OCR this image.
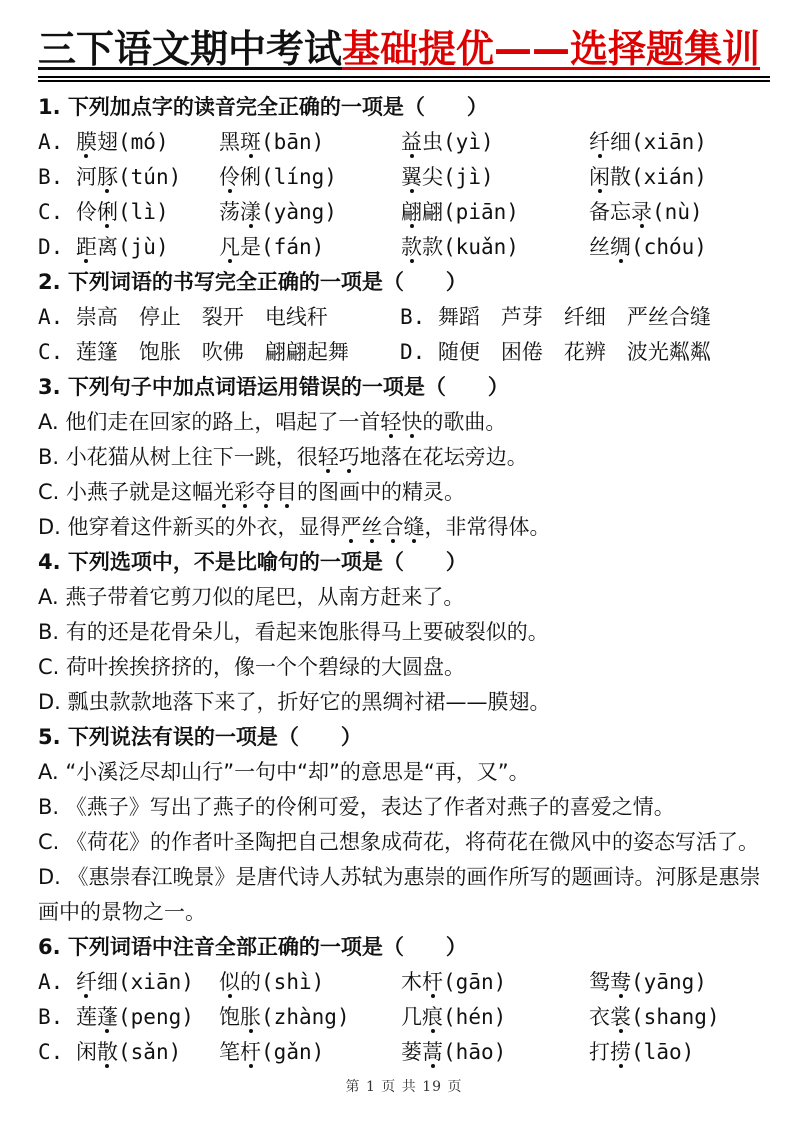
三下语文期中考试基础提优——选择题集训
1. 下列加点字的读音完全正确的一项是（　　）
A. 膜翅(mó)	黑斑(bān)	益虫(yì)	纤细(xiān)
B. 河豚(tún)	伶俐(líng)	翼尖(jì)	闲散(xián)
C. 伶俐(lì)	荡漾(yàng)	翩翩(piān)	备忘录(nù)
D. 距离(jù)	凡是(fán)	款款(kuǎn)	丝绸(chóu)
2. 下列词语的书写完全正确的一项是（　　）
A. 崇高　停止　裂开　电线秆	B. 舞蹈　芦芽　纤细　严丝合缝
C. 莲篷　饱胀　吹佛　翩翩起舞	D. 随便　困倦　花辨　波光粼粼
3. 下列句子中加点词语运用错误的一项是（　　）
A. 他们走在回家的路上，唱起了一首轻快的歌曲。
B. 小花猫从树上往下一跳，很轻巧地落在花坛旁边。
C. 小燕子就是这幅光彩夺目的图画中的精灵。
D. 他穿着这件新买的外衣，显得严丝合缝，非常得体。
4. 下列选项中，不是比喻句的一项是（　　）
A. 燕子带着它剪刀似的尾巴，从南方赶来了。
B. 有的还是花骨朵儿，看起来饱胀得马上要破裂似的。
C. 荷叶挨挨挤挤的，像一个个碧绿的大圆盘。
D. 瓢虫款款地落下来了，折好它的黑绸衬裙——膜翅。
5. 下列说法有误的一项是（　　）
A. “小溪泛尽却山行”一句中“却”的意思是“再，又”。
B. 《燕子》写出了燕子的伶俐可爱，表达了作者对燕子的喜爱之情。
C. 《荷花》的作者叶圣陶把自己想象成荷花，将荷花在微风中的姿态写活了。
D. 《惠崇春江晚景》是唐代诗人苏轼为惠崇的画作所写的题画诗。河豚是惠崇画中的景物之一。
6. 下列词语中注音全部正确的一项是（　　）
A. 纤细(xiān)	似的(shì)	木杆(gān)	鸳鸯(yāng)
B. 莲蓬(peng)	饱胀(zhàng)	几痕(hén)	衣裳(shang)
C. 闲散(sǎn)	笔杆(gǎn)	蒌蒿(hāo)	打捞(lāo)
第 1 页 共 19 页
